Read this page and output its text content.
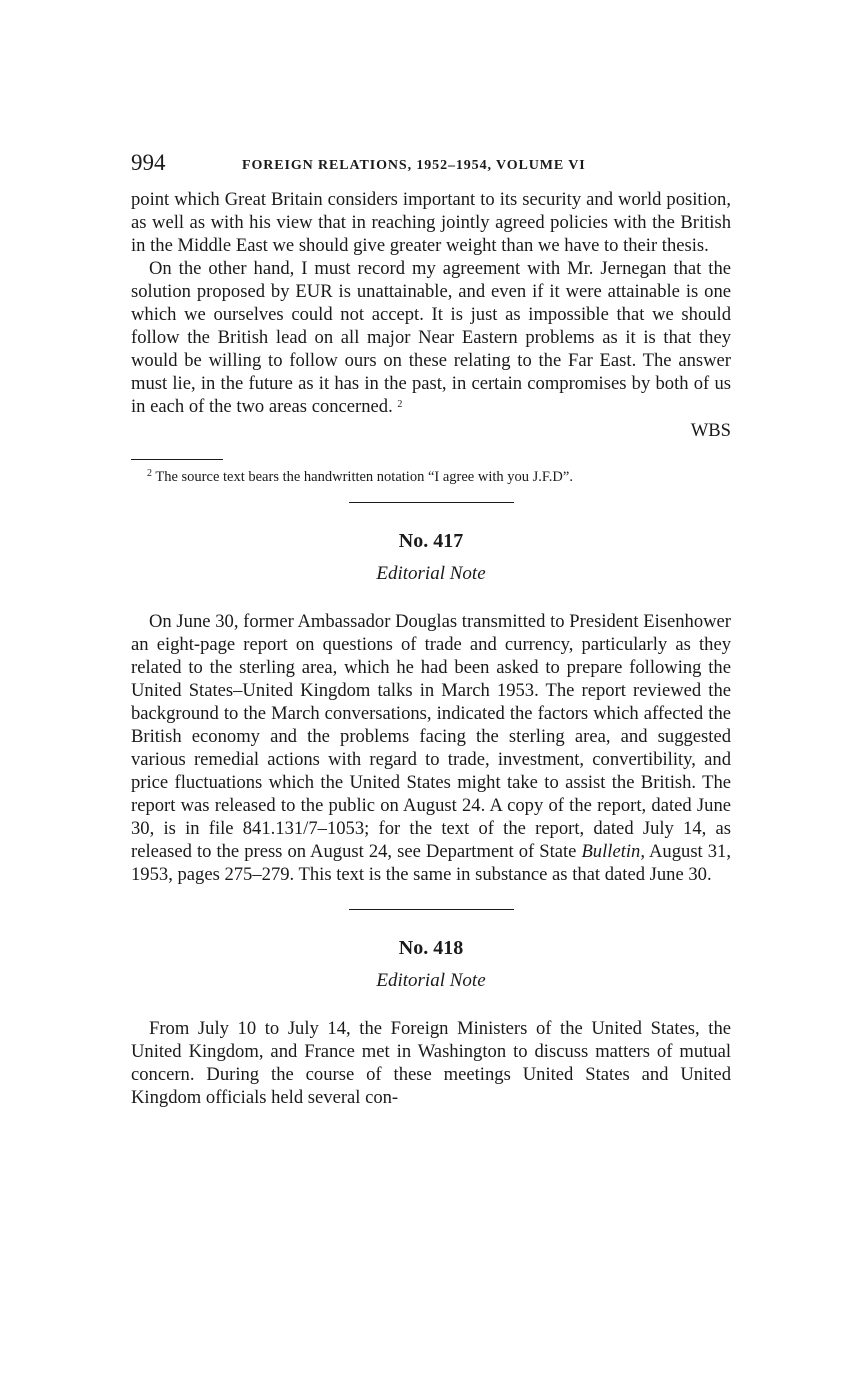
994	FOREIGN RELATIONS, 1952–1954, VOLUME VI

point which Great Britain considers important to its security and world position, as well as with his view that in reaching jointly agreed policies with the British in the Middle East we should give greater weight than we have to their thesis.

On the other hand, I must record my agreement with Mr. Jernegan that the solution proposed by EUR is unattainable, and even if it were attainable is one which we ourselves could not accept. It is just as impossible that we should follow the British lead on all major Near Eastern problems as it is that they would be willing to follow ours on these relating to the Far East. The answer must lie, in the future as it has in the past, in certain compromises by both of us in each of the two areas concerned. $^2$

WBS
$^2$ The source text bears the handwritten notation “I agree with you J.F.D”.
No. 417
Editorial Note

On June 30, former Ambassador Douglas transmitted to President Eisenhower an eight-page report on questions of trade and currency, particularly as they related to the sterling area, which he had been asked to prepare following the United States–United Kingdom talks in March 1953. The report reviewed the background to the March conversations, indicated the factors which affected the British economy and the problems facing the sterling area, and suggested various remedial actions with regard to trade, investment, convertibility, and price fluctuations which the United States might take to assist the British. The report was released to the public on August 24. A copy of the report, dated June 30, is in file 841.131/7–1053; for the text of the report, dated July 14, as released to the press on August 24, see Department of State Bulletin, August 31, 1953, pages 275–279. This text is the same in substance as that dated June 30.

No. 418
Editorial Note

From July 10 to July 14, the Foreign Ministers of the United States, the United Kingdom, and France met in Washington to discuss matters of mutual concern. During the course of these meetings United States and United Kingdom officials held several con-
